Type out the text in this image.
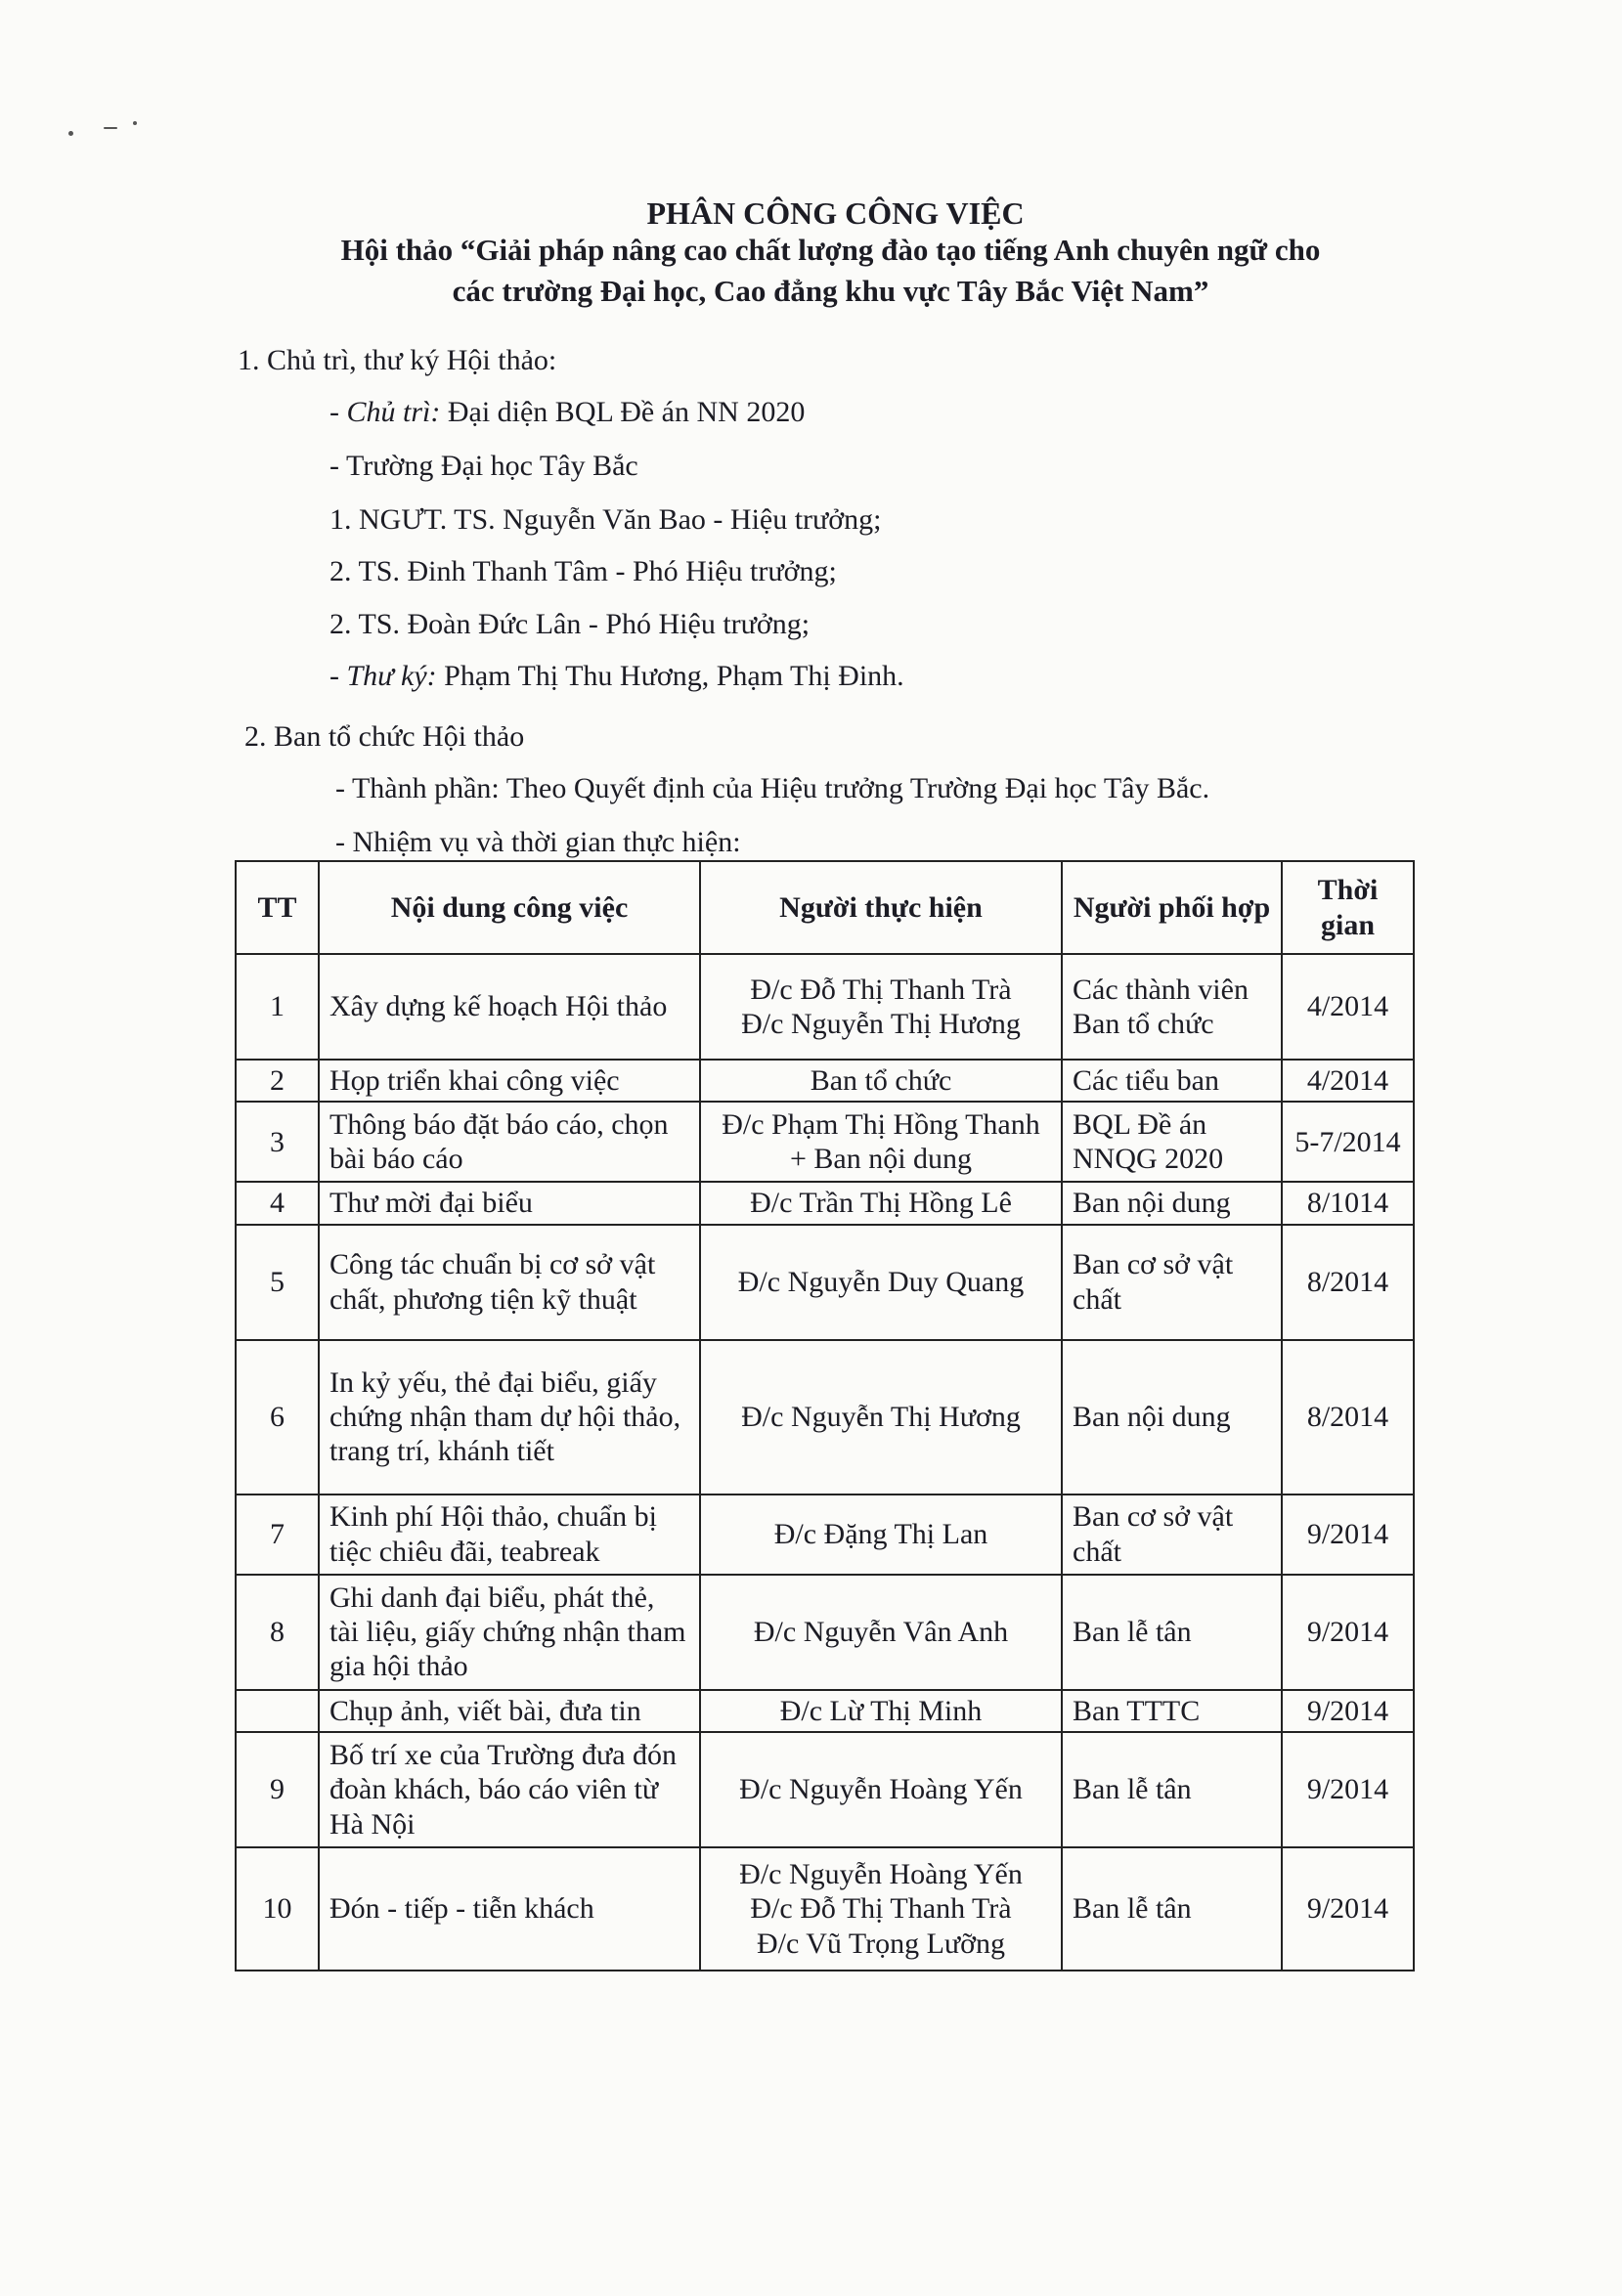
PHÂN CÔNG CÔNG VIỆC
Hội thảo “Giải pháp nâng cao chất lượng đào tạo tiếng Anh chuyên ngữ cho
các trường Đại học, Cao đẳng khu vực Tây Bắc Việt Nam”
1. Chủ trì, thư ký Hội thảo:
- Chủ trì: Đại diện BQL Đề án NN 2020
- Trường Đại học Tây Bắc
1. NGƯT. TS. Nguyễn Văn Bao - Hiệu trưởng;
2. TS. Đinh Thanh Tâm - Phó Hiệu trưởng;
2. TS. Đoàn Đức Lân - Phó Hiệu trưởng;
- Thư ký: Phạm Thị Thu Hương, Phạm Thị Đinh.
2. Ban tổ chức Hội thảo
- Thành phần: Theo Quyết định của Hiệu trưởng Trường Đại học Tây Bắc.
- Nhiệm vụ và thời gian thực hiện:
TT	Nội dung công việc	Người thực hiện	Người phối hợp	Thời gian
1	Xây dựng kế hoạch Hội thảo	Đ/c Đỗ Thị Thanh Trà
Đ/c Nguyễn Thị Hương	Các thành viên Ban tổ chức	4/2014
2	Họp triển khai công việc	Ban tổ chức	Các tiểu ban	4/2014
3	Thông báo đặt báo cáo, chọn bài báo cáo	Đ/c Phạm Thị Hồng Thanh + Ban nội dung	BQL Đề án NNQG 2020	5-7/2014
4	Thư mời đại biểu	Đ/c Trần Thị Hồng Lê	Ban nội dung	8/1014
5	Công tác chuẩn bị cơ sở vật chất, phương tiện kỹ thuật	Đ/c Nguyễn Duy Quang	Ban cơ sở vật chất	8/2014
6	In kỷ yếu, thẻ đại biểu, giấy chứng nhận tham dự hội thảo, trang trí, khánh tiết	Đ/c Nguyễn Thị Hương	Ban nội dung	8/2014
7	Kinh phí Hội thảo, chuẩn bị tiệc chiêu đãi, teabreak	Đ/c Đặng Thị Lan	Ban cơ sở vật chất	9/2014
8	Ghi danh đại biểu, phát thẻ, tài liệu, giấy chứng nhận tham gia hội thảo	Đ/c Nguyễn Vân Anh	Ban lễ tân	9/2014
	Chụp ảnh, viết bài, đưa tin	Đ/c Lừ Thị Minh	Ban TTTC	9/2014
9	Bố trí xe của Trường đưa đón đoàn khách, báo cáo viên từ Hà Nội	Đ/c Nguyễn Hoàng Yến	Ban lễ tân	9/2014
10	Đón - tiếp - tiễn khách	Đ/c Nguyễn Hoàng Yến
Đ/c Đỗ Thị Thanh Trà
Đ/c Vũ Trọng Lưỡng	Ban lễ tân	9/2014
